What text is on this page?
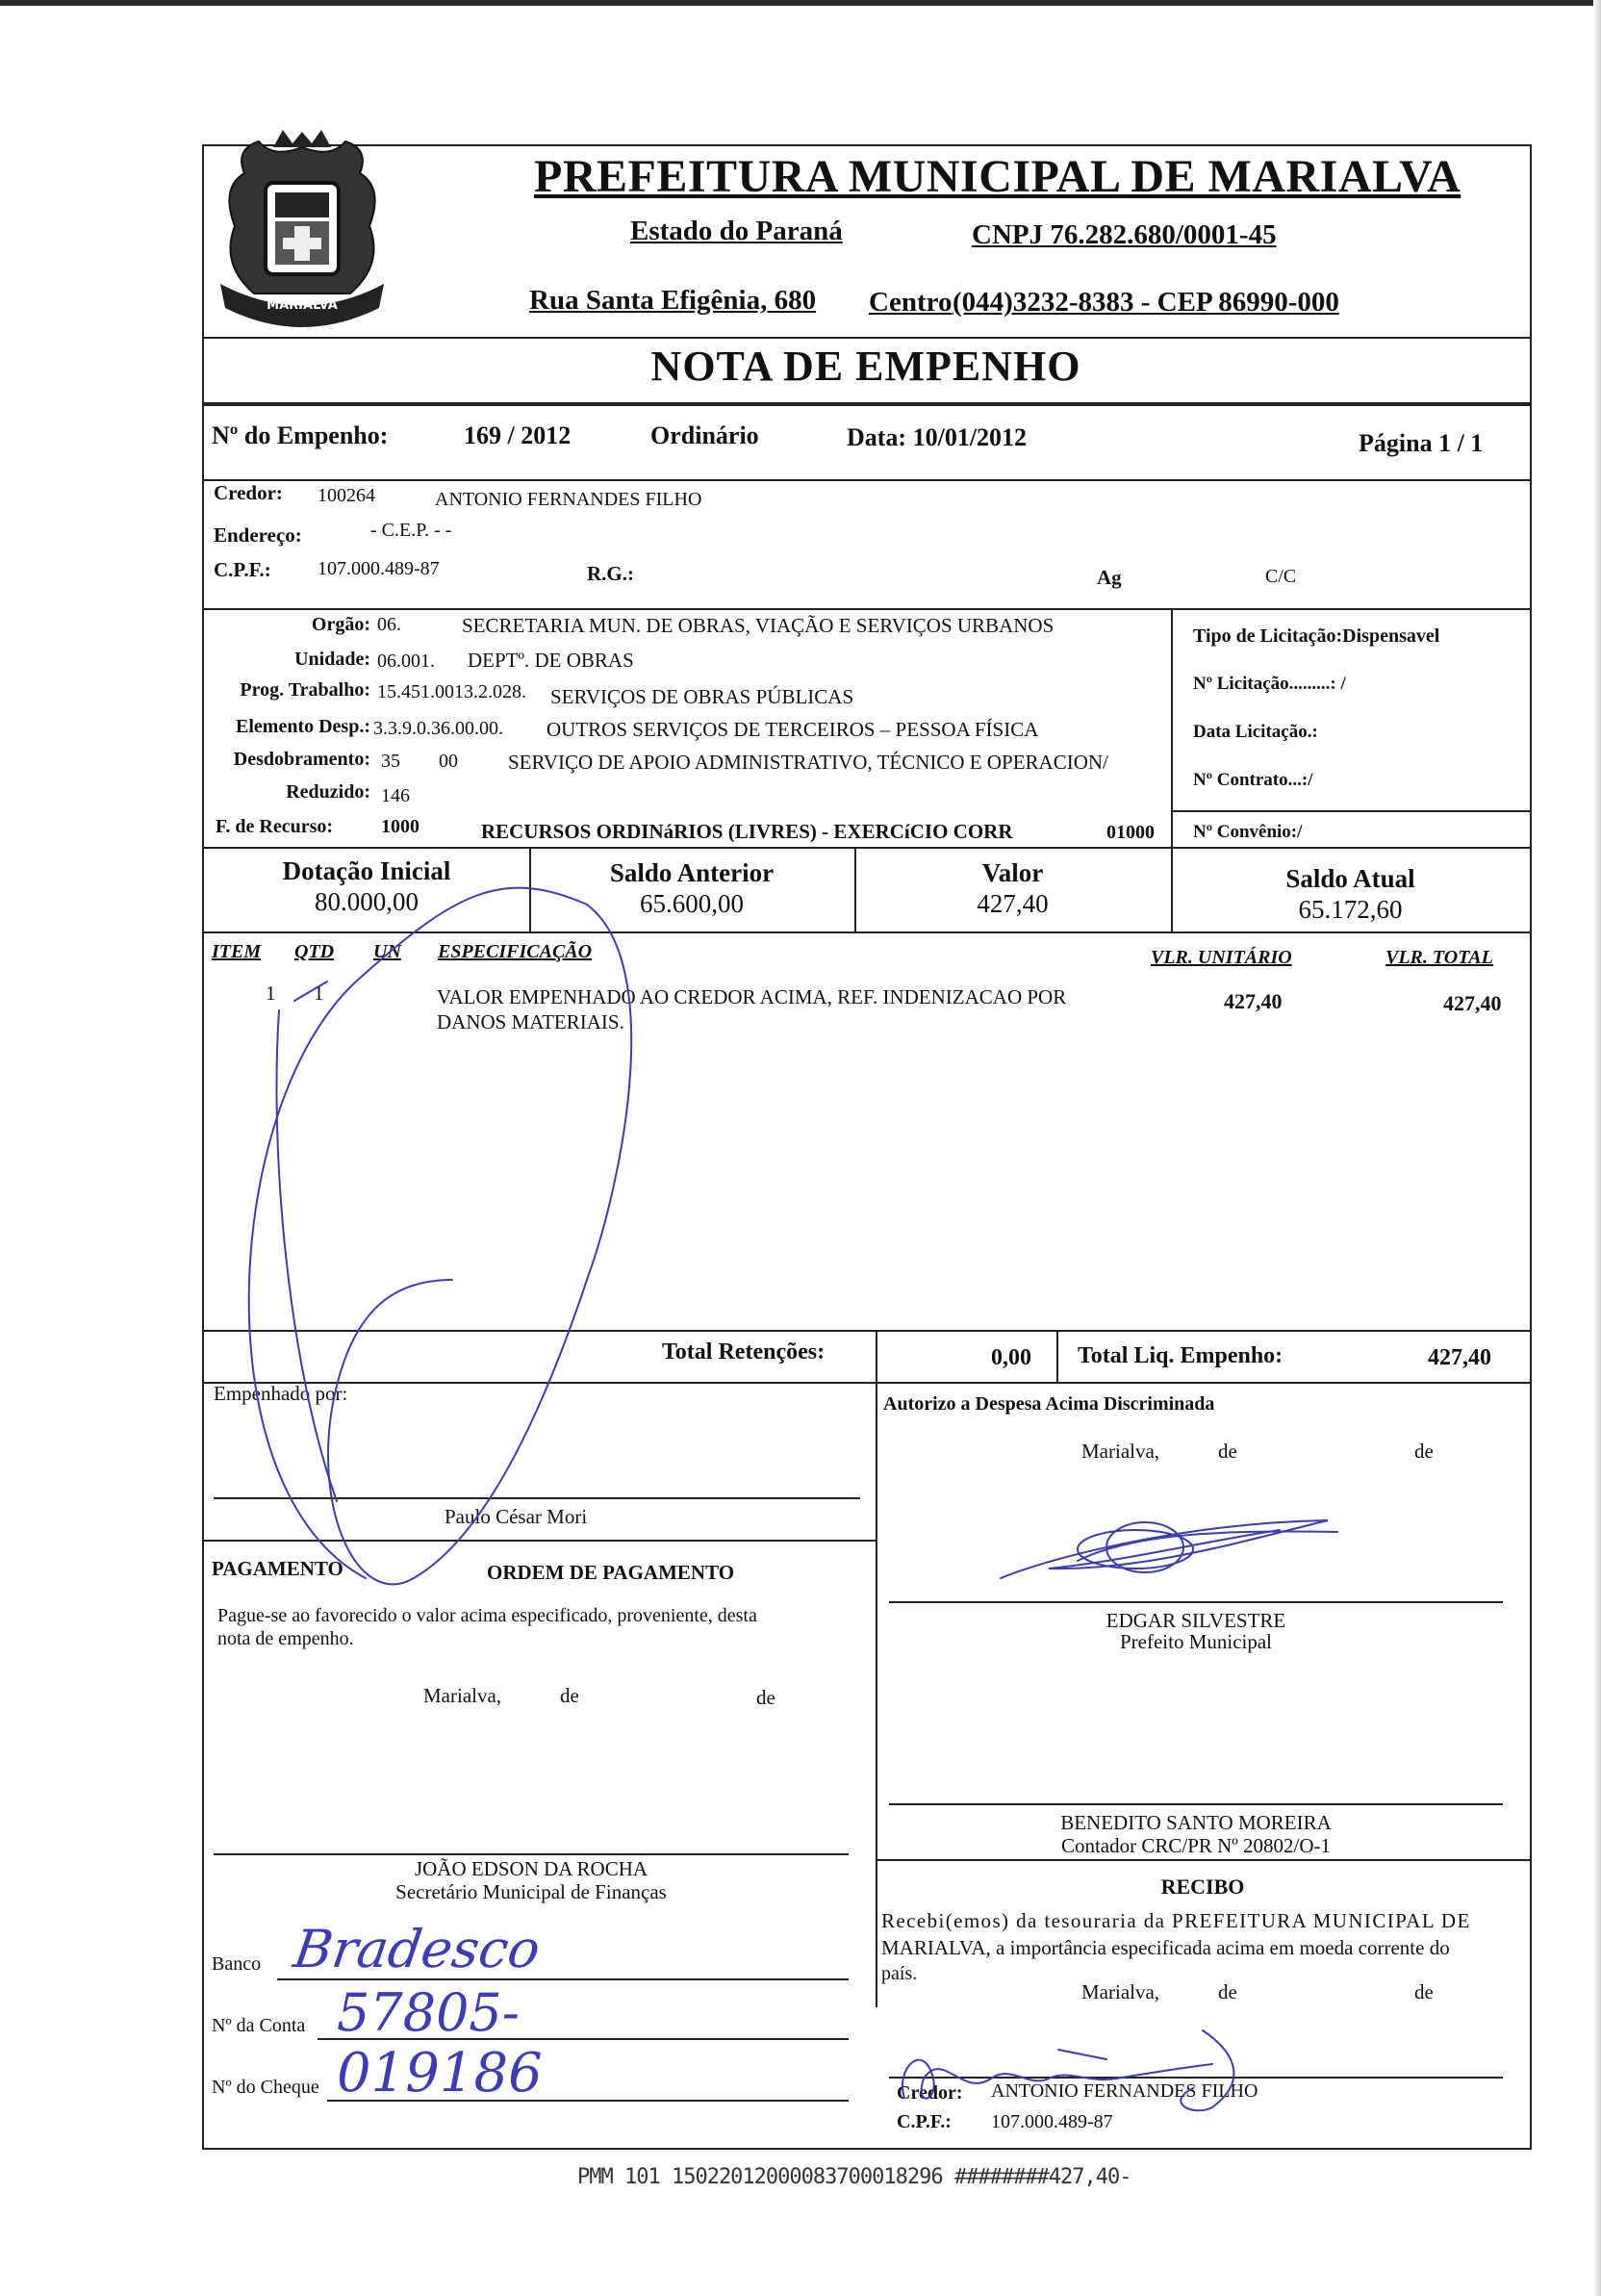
MARIALVA
PREFEITURA MUNICIPAL DE MARIALVA
Estado do Paraná	CNPJ 76.282.680/0001-45
Rua Santa Efigênia, 680 Centro (044)3232-8383 - CEP 86990-000
NOTA DE EMPENHO
Nº do Empenho:	169 / 2012	Ordinário	Data: 10/01/2012	Página 1 / 1
Credor: 100264	ANTONIO FERNANDES FILHO
Endereço:	- C.E.P. - -
C.P.F.: 107.000.489-87	R.G.:	Ag	C/C
Orgão: 06.	SECRETARIA MUN. DE OBRAS, VIAÇÃO E SERVIÇOS URBANOS
Unidade: 06.001. DEPTº. DE OBRAS
Prog. Trabalho: 15.451.0013.2.028. SERVIÇOS DE OBRAS PÚBLICAS
Elemento Desp.: 3.3.9.0.36.00.00. OUTROS SERVIÇOS DE TERCEIROS – PESSOA FÍSICA
Desdobramento: 35 00 SERVIÇO DE APOIO ADMINISTRATIVO, TÉCNICO E OPERACION/
Reduzido: 146
F. de Recurso: 1000	RECURSOS ORDINáRIOS (LIVRES) - EXERCíCIO CORR	01000
Tipo de Licitação:Dispensavel
Nº Licitação.........: /
Data Licitação.:
Nº Contrato...:/
Nº Convênio:/
Dotação Inicial
80.000,00
Saldo Anterior
65.600,00
Valor
427,40
Saldo Atual
65.172,60
ITEM QTD UN ESPECIFICAÇÃO	VLR. UNITÁRIO	VLR. TOTAL
1 1	VALOR EMPENHADO AO CREDOR ACIMA, REF. INDENIZACAO POR
DANOS MATERIAIS.
427,40	427,40
Total Retenções:	0,00 Total Liq. Empenho:	427,40
Empenhado por:
Paulo César Mori
Autorizo a Despesa Acima Discriminada
Marialva,	de	de
EDGAR SILVESTRE
Prefeito Municipal
PAGAMENTO	ORDEM DE PAGAMENTO
Pague-se ao favorecido o valor acima especificado, proveniente, desta
nota de empenho.
Marialva,	de	de
JOÃO EDSON DA ROCHA
Secretário Municipal de Finanças
Banco Bradesco
Nº da Conta 57805-
Nº do Cheque 019186
BENEDITO SANTO MOREIRA
Contador CRC/PR Nº 20802/O-1
RECIBO
Recebi(emos) da tesouraria da PREFEITURA MUNICIPAL DE
MARIALVA, a importância especificada acima em moeda corrente do
país.
Marialva,	de	de
Credor: ANTONIO FERNANDES FILHO
C.P.F.: 107.000.489-87
PMM 101 15022012000083700018296 ########427,40-
